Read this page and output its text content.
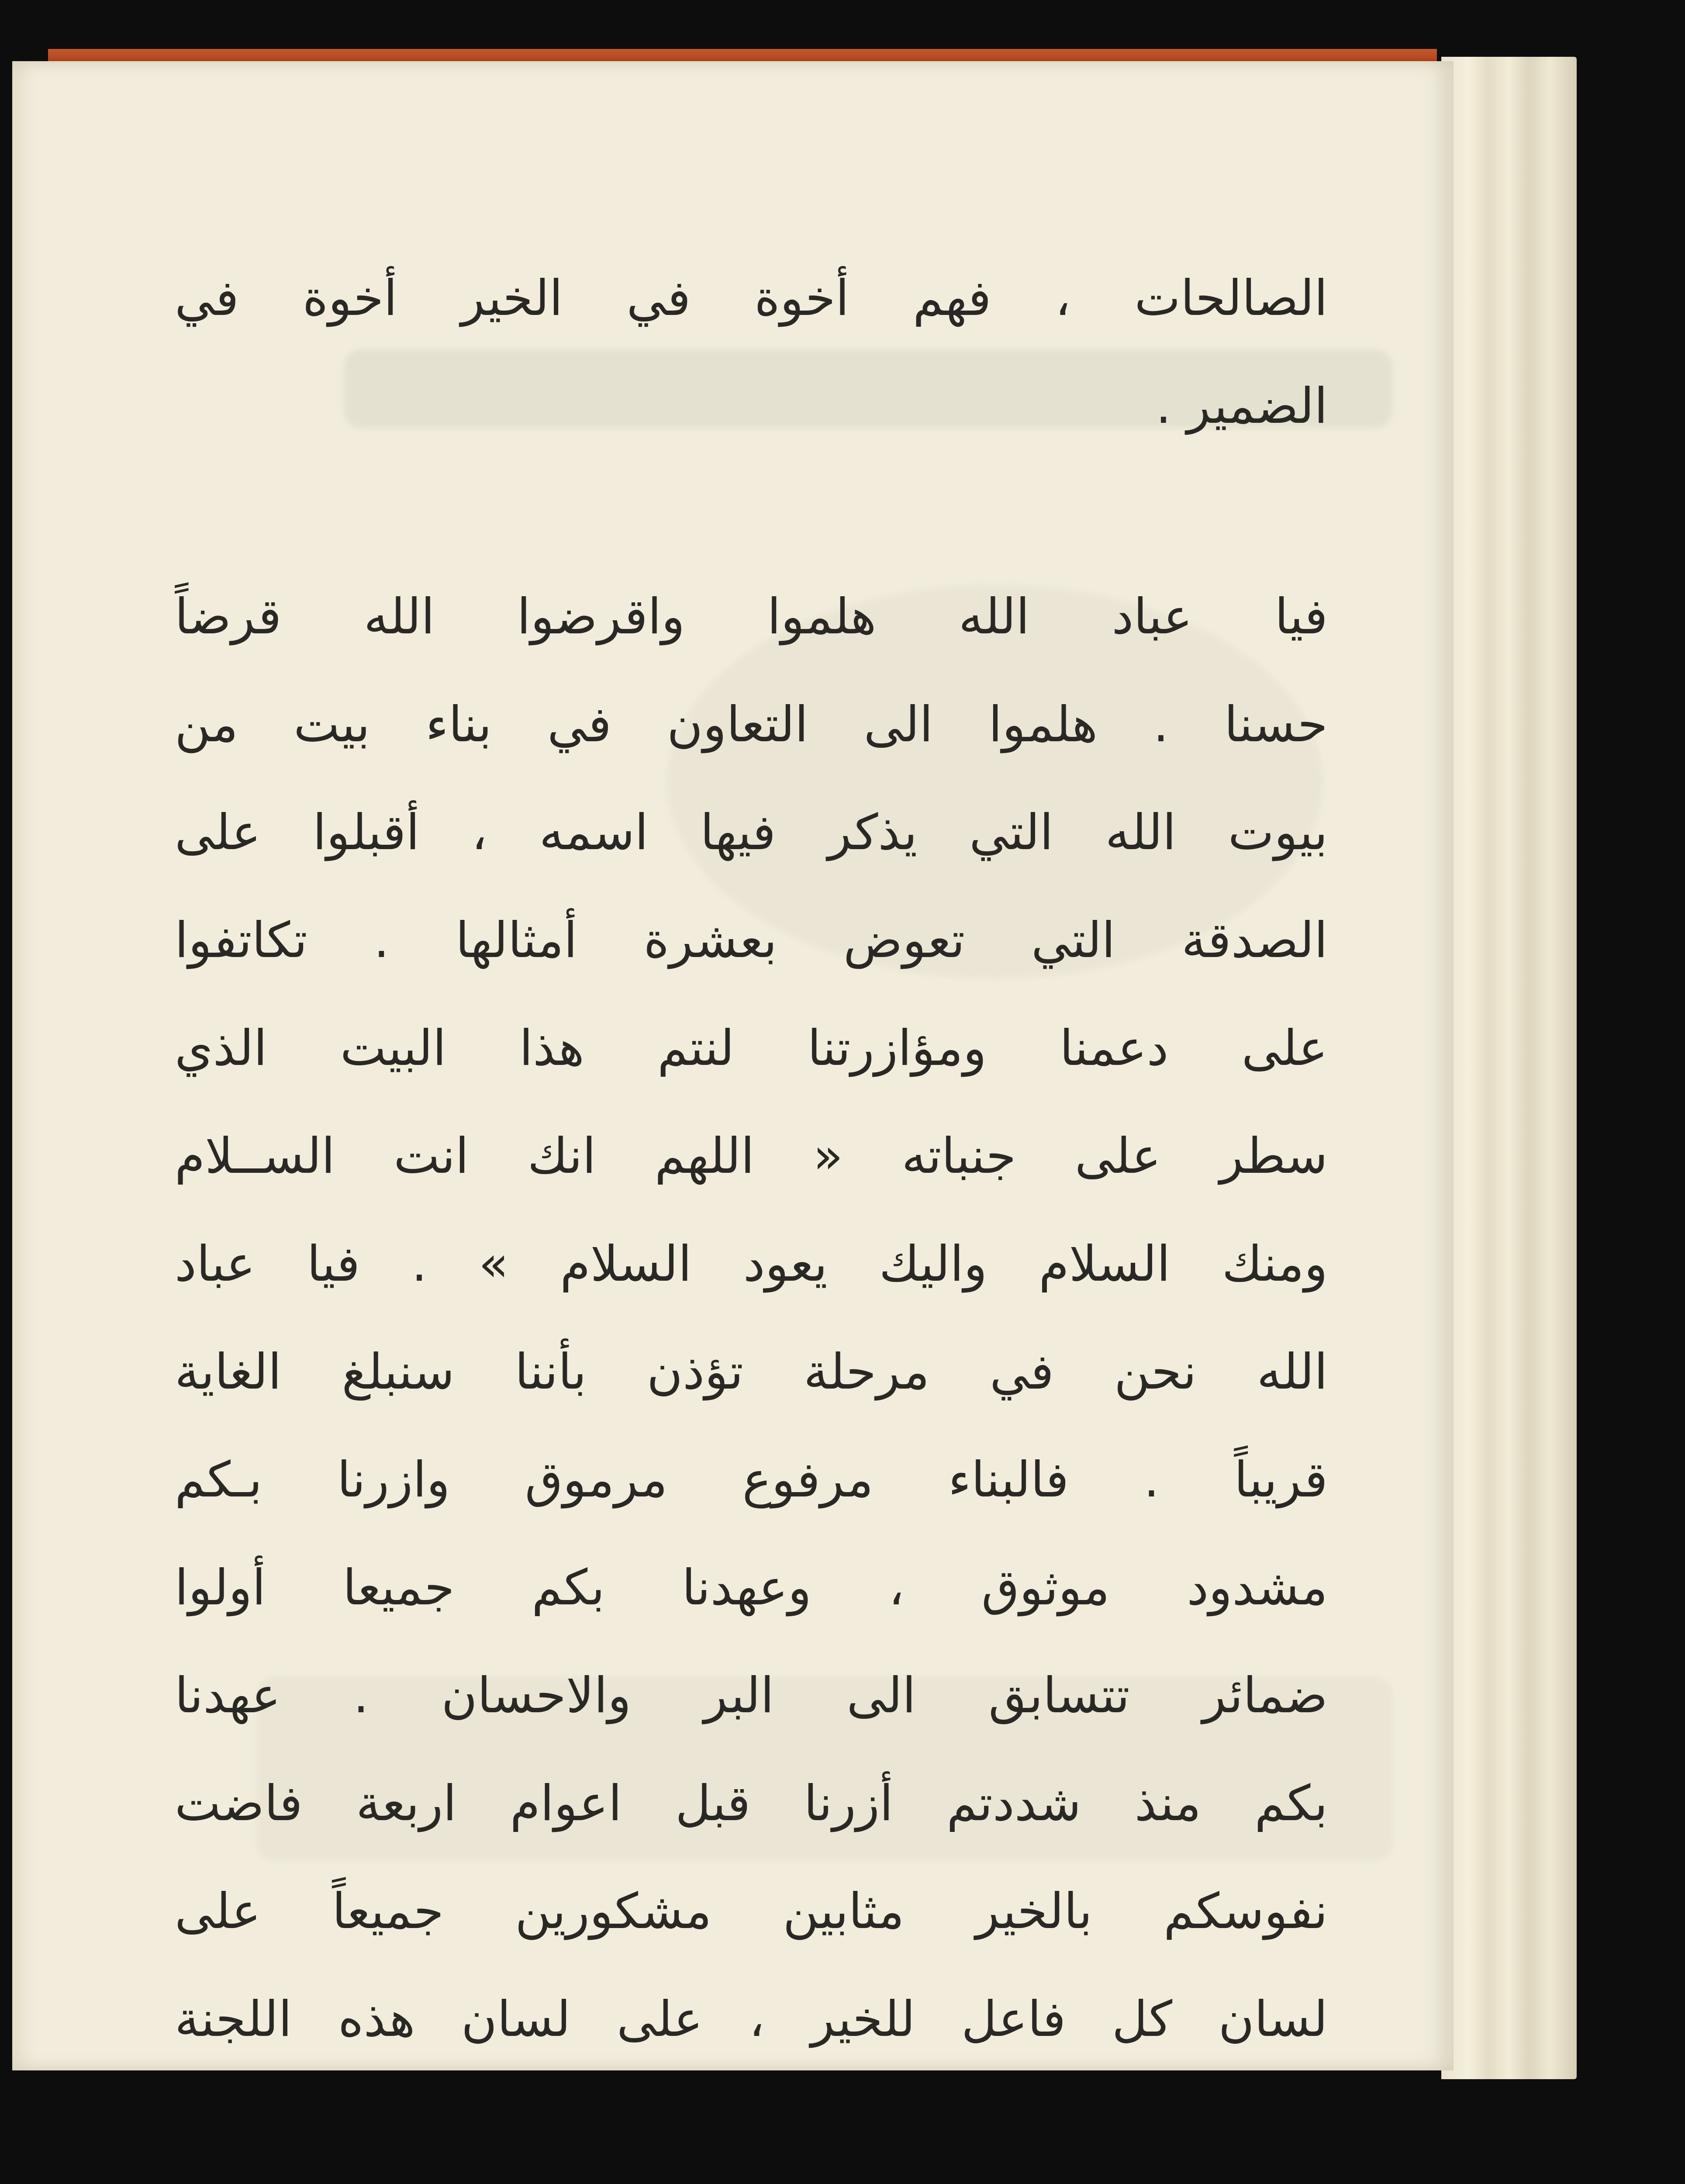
الصالحات ، فهم أخوة في الخير أخوة في
الضمير .
فيا عباد الله هلموا واقرضوا الله قرضاً
حسنا . هلموا الى التعاون في بناء بيت من
بيوت الله التي يذكر فيها اسمه ، أقبلوا على
الصدقة التي تعوض بعشرة أمثالها . تكاتفوا
على دعمنا ومؤازرتنا لنتم هذا البيت الذي
سطر على جنباته « اللهم انك انت الســلام
ومنك السلام واليك يعود السلام » . فيا عباد
الله نحن في مرحلة تؤذن بأننا سنبلغ الغاية
قريباً . فالبناء مرفوع مرموق وازرنا بـكم
مشدود موثوق ، وعهدنا بكم جميعا أولوا
ضمائر تتسابق الى البر والاحسان . عهدنا
بكم منذ شددتم أزرنا قبل اعوام اربعة فاضت
نفوسكم بالخير مثابين مشكورين جميعاً على
لسان كل فاعل للخير ، على لسان هذه اللجنة
